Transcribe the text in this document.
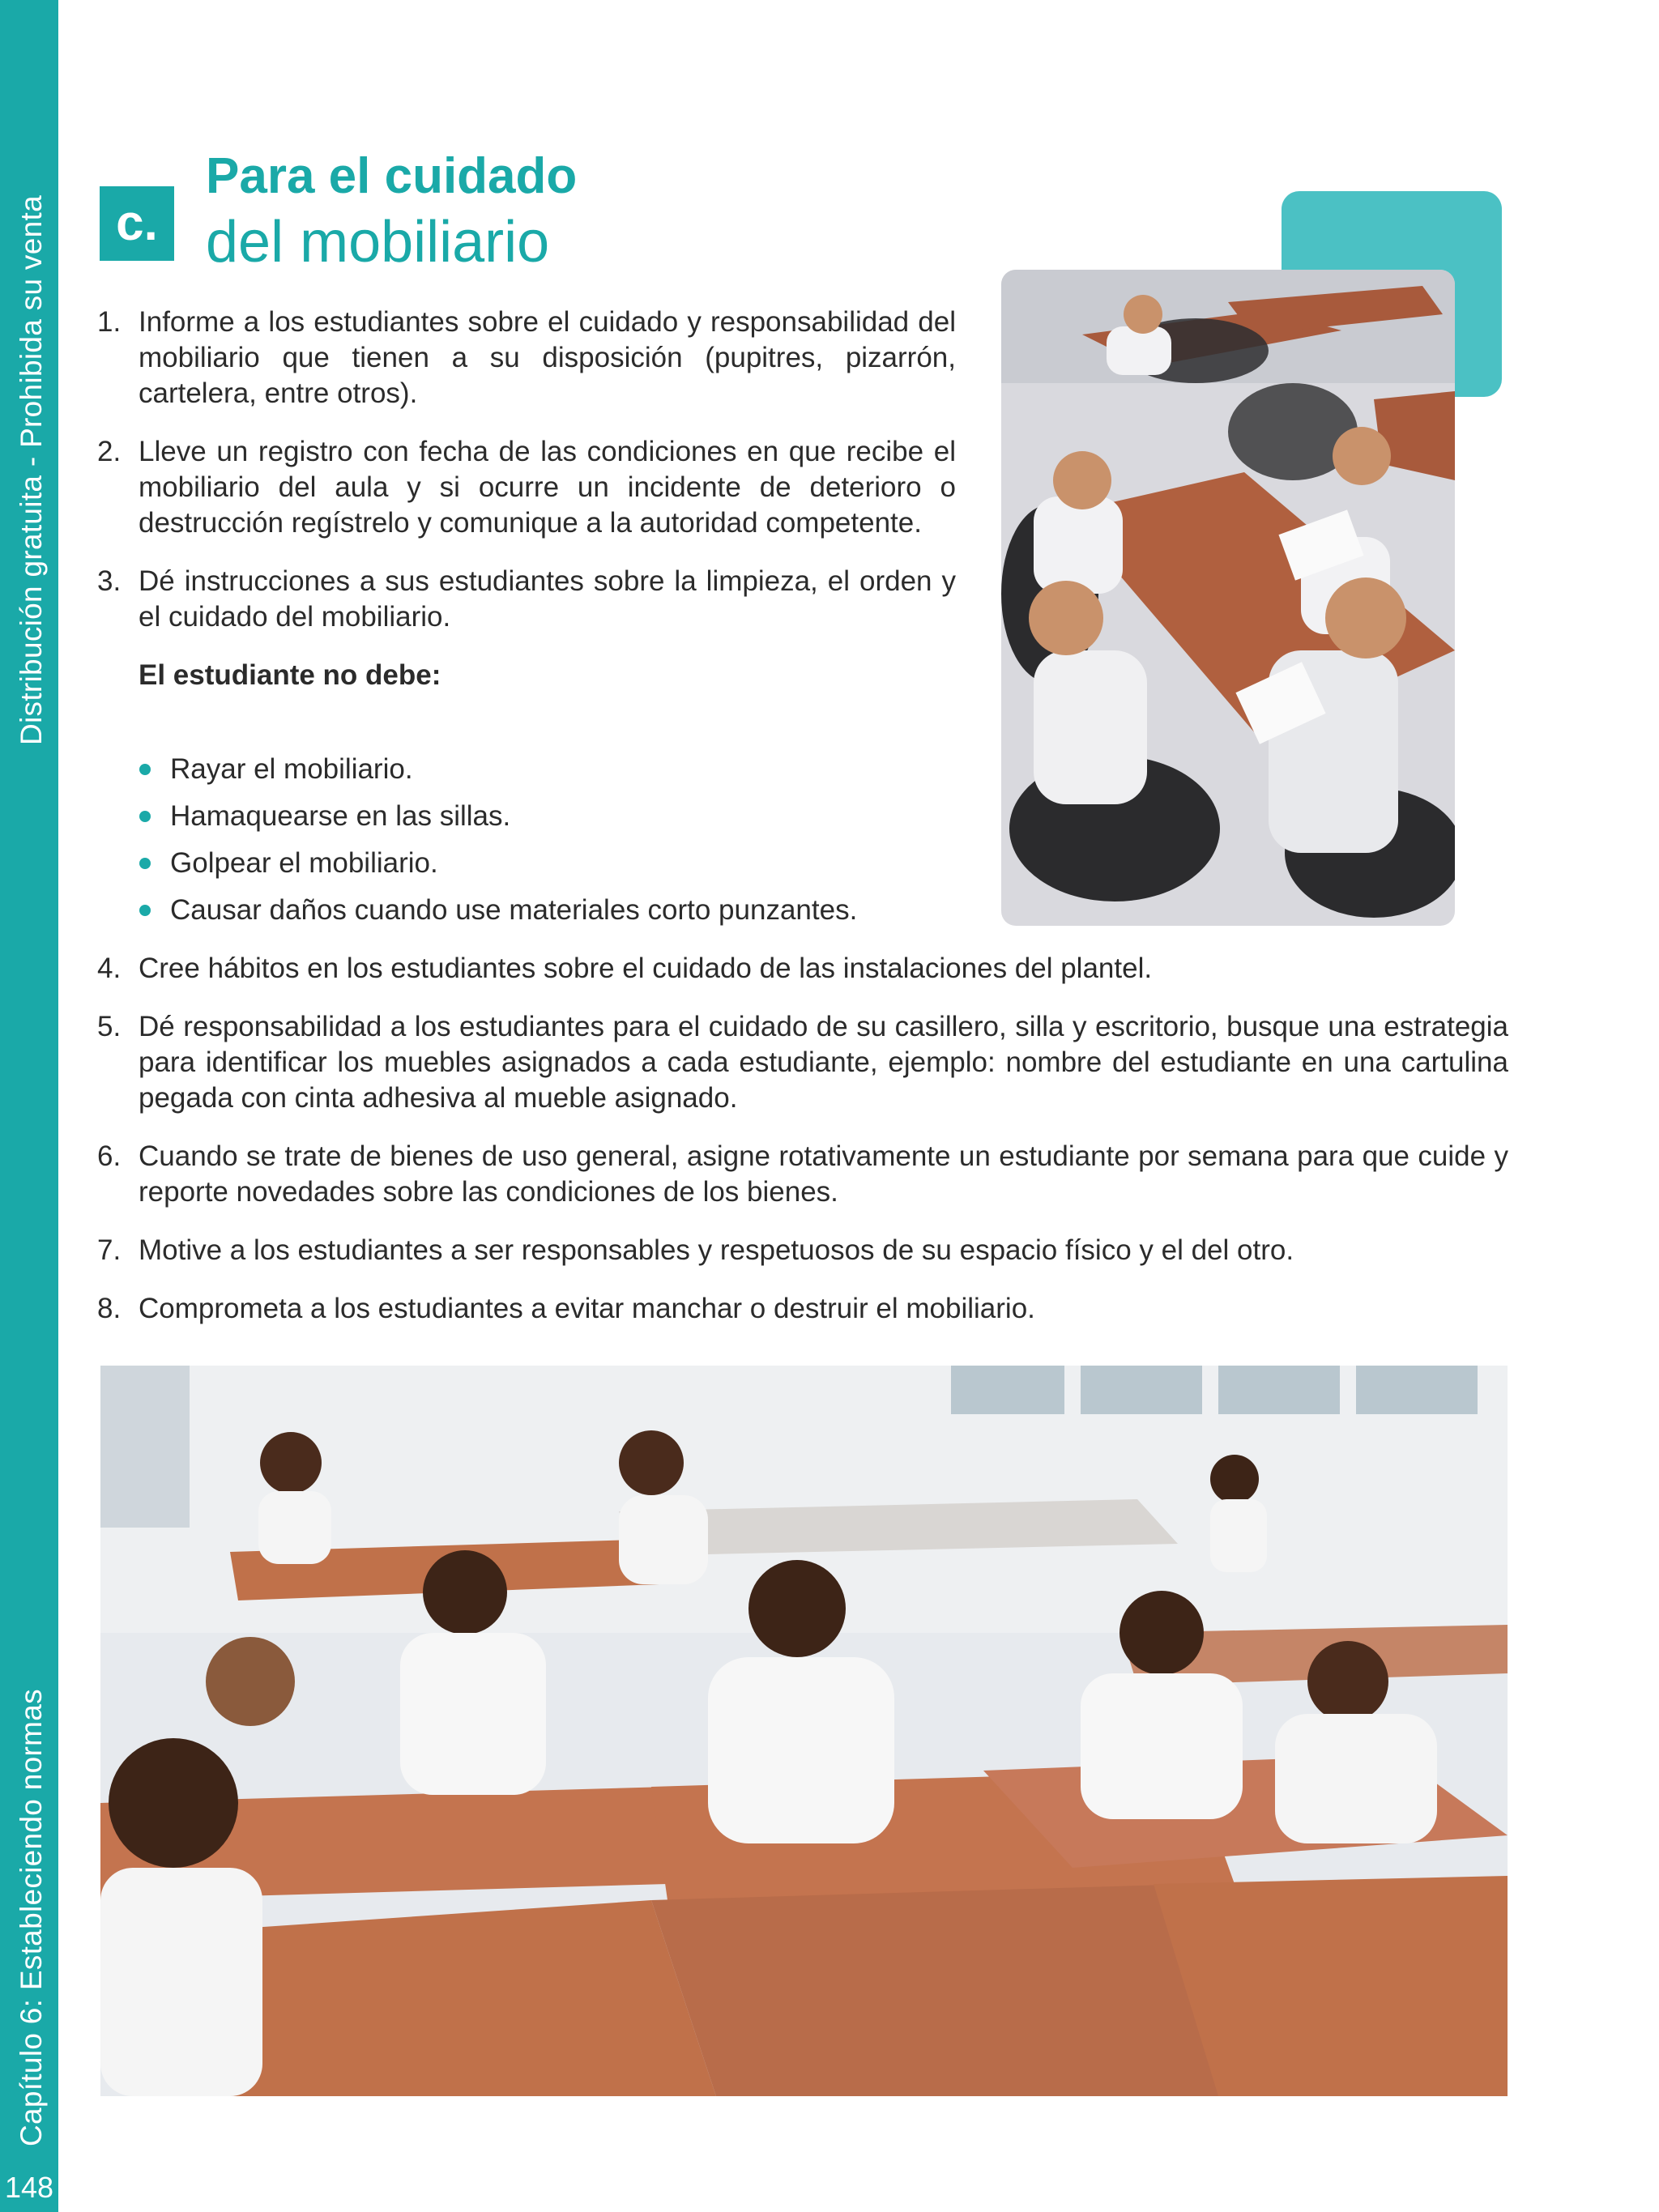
Distribución gratuita - Prohibida su venta
Capítulo 6: Estableciendo normas
148
c.
Para el cuidado
del mobiliario
1. Informe a los estudiantes sobre el cuidado y responsabilidad del mobiliario que tienen a su disposición (pupitres, pizarrón, cartelera, entre otros).
2. Lleve un registro con fecha de las condiciones en que recibe el mobiliario del aula y si ocurre un incidente de deterioro o destrucción regístrelo y comunique a la autoridad competente.
3. Dé instrucciones a sus estudiantes sobre la limpieza, el orden y el cuidado del mobiliario.
El estudiante no debe:
Rayar el mobiliario.
Hamaquearse en las sillas.
Golpear el mobiliario.
Causar daños cuando use materiales corto punzantes.
4. Cree hábitos en los estudiantes sobre el cuidado de las instalaciones del plantel.
5. Dé responsabilidad a los estudiantes para el cuidado de su casillero, silla y escritorio, busque una estrategia para identificar los muebles asignados a cada estudiante, ejemplo: nombre del estudiante en una cartulina pegada con cinta adhesiva al mueble asignado.
6. Cuando se trate de bienes de uso general, asigne rotativamente un estudiante por semana para que cuide y reporte novedades sobre las condiciones de los bienes.
7. Motive a los estudiantes a ser responsables y respetuosos de su espacio físico y el del otro.
8. Comprometa a los estudiantes a evitar manchar o destruir el mobiliario.
